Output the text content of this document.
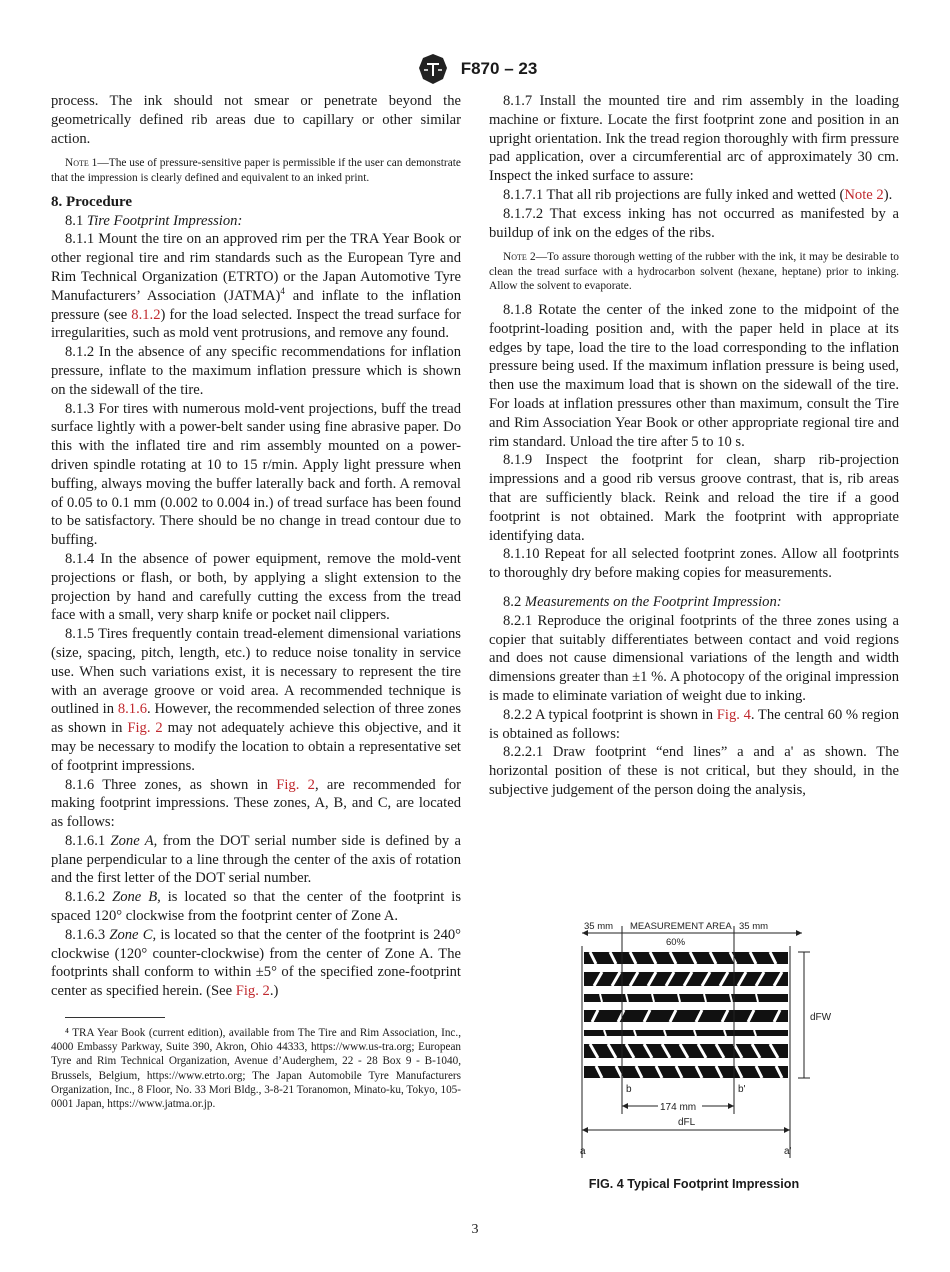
F870 – 23

process. The ink should not smear or penetrate beyond the geometrically defined rib areas due to capillary or other similar action.

Note 1—The use of pressure-sensitive paper is permissible if the user can demonstrate that the impression is clearly defined and equivalent to an inked print.

8. Procedure

8.1 Tire Footprint Impression:

8.1.1 Mount the tire on an approved rim per the TRA Year Book or other regional tire and rim standards such as the European Tyre and Rim Technical Organization (ETRTO) or the Japan Automotive Tyre Manufacturers’ Association (JATMA)$^4$ and inflate to the inflation pressure (see 8.1.2) for the load selected. Inspect the tread surface for irregularities, such as mold vent protrusions, and remove any found.

8.1.2 In the absence of any specific recommendations for inflation pressure, inflate to the maximum inflation pressure which is shown on the sidewall of the tire.

8.1.3 For tires with numerous mold-vent projections, buff the tread surface lightly with a power-belt sander using fine abrasive paper. Do this with the inflated tire and rim assembly mounted on a power-driven spindle rotating at 10 to 15 r/min. Apply light pressure when buffing, always moving the buffer laterally back and forth. A removal of 0.05 to 0.1 mm (0.002 to 0.004 in.) of tread surface has been found to be satisfactory. There should be no change in tread contour due to buffing.

8.1.4 In the absence of power equipment, remove the mold-vent projections or flash, or both, by applying a slight extension to the projection by hand and carefully cutting the excess from the tread face with a small, very sharp knife or pocket nail clippers.

8.1.5 Tires frequently contain tread-element dimensional variations (size, spacing, pitch, length, etc.) to reduce noise tonality in service use. When such variations exist, it is necessary to represent the tire with an average groove or void area. A recommended technique is outlined in 8.1.6. However, the recommended selection of three zones as shown in Fig. 2 may not adequately achieve this objective, and it may be necessary to modify the location to obtain a representative set of footprint impressions.

8.1.6 Three zones, as shown in Fig. 2, are recommended for making footprint impressions. These zones, A, B, and C, are located as follows:

8.1.6.1 Zone A, from the DOT serial number side is defined by a plane perpendicular to a line through the center of the axis of rotation and the first letter of the DOT serial number.

8.1.6.2 Zone B, is located so that the center of the footprint is spaced 120° clockwise from the footprint center of Zone A.

8.1.6.3 Zone C, is located so that the center of the footprint is 240° clockwise (120° counter-clockwise) from the center of Zone A. The footprints shall conform to within ±5° of the specified zone-footprint center as specified herein. (See Fig. 2.)

⁴ TRA Year Book (current edition), available from The Tire and Rim Association, Inc., 4000 Embassy Parkway, Suite 390, Akron, Ohio 44333, https://www.us-tra.org; European Tyre and Rim Technical Organization, Avenue d’Auderghem, 22 - 28 Box 9 - B-1040, Brussels, Belgium, https://www.etrto.org; The Japan Automobile Tyre Manufacturers Organization, Inc., 8 Floor, No. 33 Mori Bldg., 3-8-21 Toranomon, Minato-ku, Tokyo, 105-0001 Japan, https://www.jatma.or.jp.

8.1.7 Install the mounted tire and rim assembly in the loading machine or fixture. Locate the first footprint zone and position in an upright orientation. Ink the tread region thoroughly with firm pressure pad application, over a circumferential arc of approximately 30 cm. Inspect the inked surface to assure:

8.1.7.1 That all rib projections are fully inked and wetted (Note 2).

8.1.7.2 That excess inking has not occurred as manifested by a buildup of ink on the edges of the ribs.

Note 2—To assure thorough wetting of the rubber with the ink, it may be desirable to clean the tread surface with a hydrocarbon solvent (hexane, heptane) prior to inking. Allow the solvent to evaporate.

8.1.8 Rotate the center of the inked zone to the midpoint of the footprint-loading position and, with the paper held in place at its edges by tape, load the tire to the load corresponding to the inflation pressure being used. If the maximum inflation pressure is being used, then use the maximum load that is shown on the sidewall of the tire. For loads at inflation pressures other than maximum, consult the Tire and Rim Association Year Book or other appropriate regional tire and rim standard. Unload the tire after 5 to 10 s.

8.1.9 Inspect the footprint for clean, sharp rib-projection impressions and a good rib versus groove contrast, that is, rib areas that are sufficiently black. Reink and reload the tire if a good footprint is not obtained. Mark the footprint with appropriate identifying data.

8.1.10 Repeat for all selected footprint zones. Allow all footprints to thoroughly dry before making copies for measurements.

8.2 Measurements on the Footprint Impression:

8.2.1 Reproduce the original footprints of the three zones using a copier that suitably differentiates between contact and void regions and does not cause dimensional variations of the length and width dimensions greater than ±1 %. A photocopy of the original impression is made to eliminate variation of weight due to inking.

8.2.2 A typical footprint is shown in Fig. 4. The central 60 % region is obtained as follows:

8.2.2.1 Draw footprint “end lines” a and a' as shown. The horizontal position of these is not critical, but they should, in the subjective judgement of the person doing the analysis,

35 mm MEASUREMENT AREA
60%
35 mm
dFW
b	b'
174 mm
dFL
a	a'
FIG. 4 Typical Footprint Impression
3
